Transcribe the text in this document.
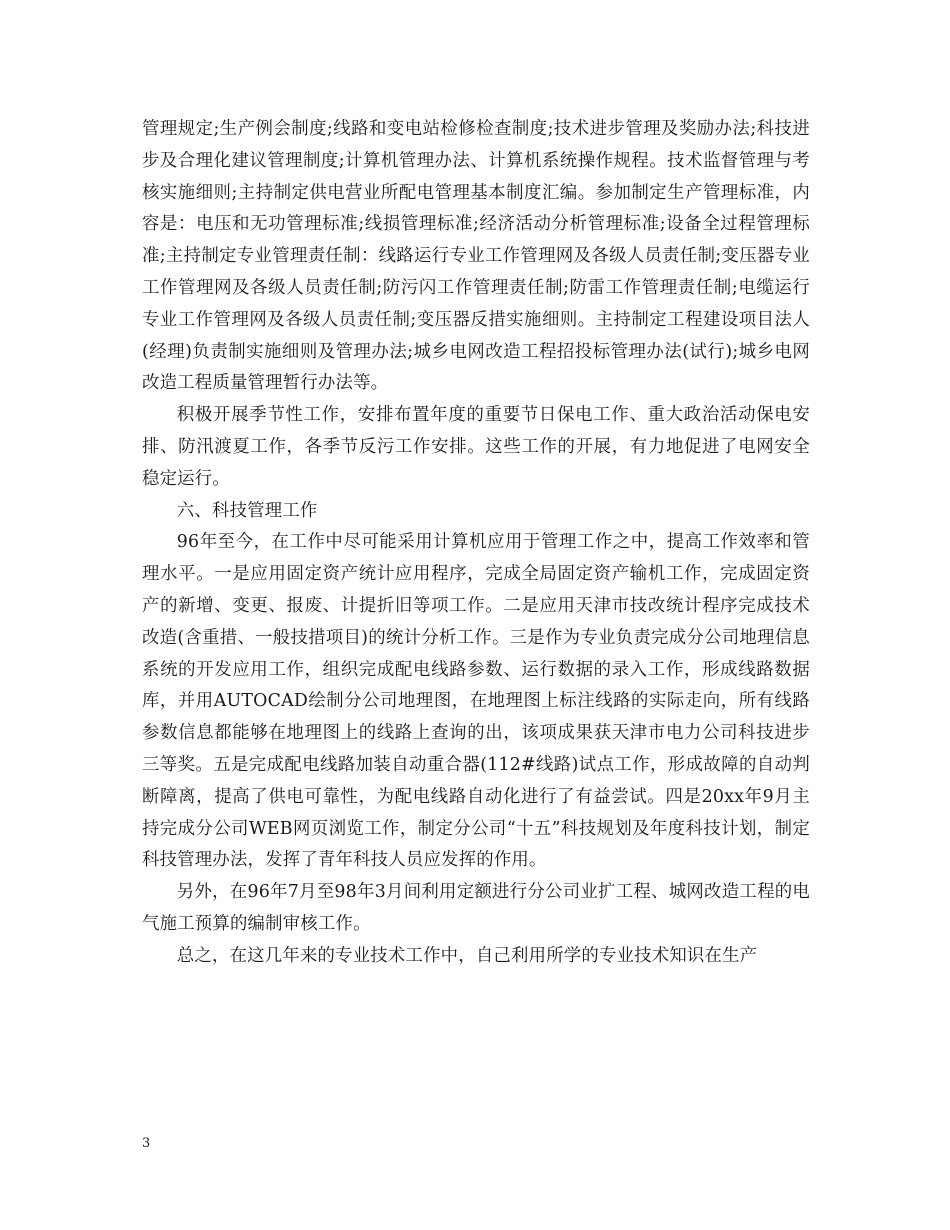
管理规定;生产例会制度;线路和变电站检修检查制度;技术进步管理及奖励办法;科技进步及合理化建议管理制度;计算机管理办法、计算机系统操作规程。技术监督管理与考核实施细则;主持制定供电营业所配电管理基本制度汇编。参加制定生产管理标准，内容是：电压和无功管理标准;线损管理标准;经济活动分析管理标准;设备全过程管理标准;主持制定专业管理责任制：线路运行专业工作管理网及各级人员责任制;变压器专业工作管理网及各级人员责任制;防污闪工作管理责任制;防雷工作管理责任制;电缆运行专业工作管理网及各级人员责任制;变压器反措实施细则。主持制定工程建设项目法人(经理)负责制实施细则及管理办法;城乡电网改造工程招投标管理办法(试行);城乡电网改造工程质量管理暂行办法等。

积极开展季节性工作，安排布置年度的重要节日保电工作、重大政治活动保电安排、防汛渡夏工作，各季节反污工作安排。这些工作的开展，有力地促进了电网安全稳定运行。

六、科技管理工作

96年至今，在工作中尽可能采用计算机应用于管理工作之中，提高工作效率和管理水平。一是应用固定资产统计应用程序，完成全局固定资产输机工作，完成固定资产的新增、变更、报废、计提折旧等项工作。二是应用天津市技改统计程序完成技术改造(含重措、一般技措项目)的统计分析工作。三是作为专业负责完成分公司地理信息系统的开发应用工作，组织完成配电线路参数、运行数据的录入工作，形成线路数据库，并用AUTOCAD绘制分公司地理图，在地理图上标注线路的实际走向，所有线路参数信息都能够在地理图上的线路上查询的出，该项成果获天津市电力公司科技进步三等奖。五是完成配电线路加装自动重合器(112#线路)试点工作，形成故障的自动判断障离，提高了供电可靠性，为配电线路自动化进行了有益尝试。四是20xx年9月主持完成分公司WEB网页浏览工作，制定分公司“十五”科技规划及年度科技计划，制定科技管理办法，发挥了青年科技人员应发挥的作用。

另外，在96年7月至98年3月间利用定额进行分公司业扩工程、城网改造工程的电气施工预算的编制审核工作。

总之，在这几年来的专业技术工作中，自己利用所学的专业技术知识在生产

3
